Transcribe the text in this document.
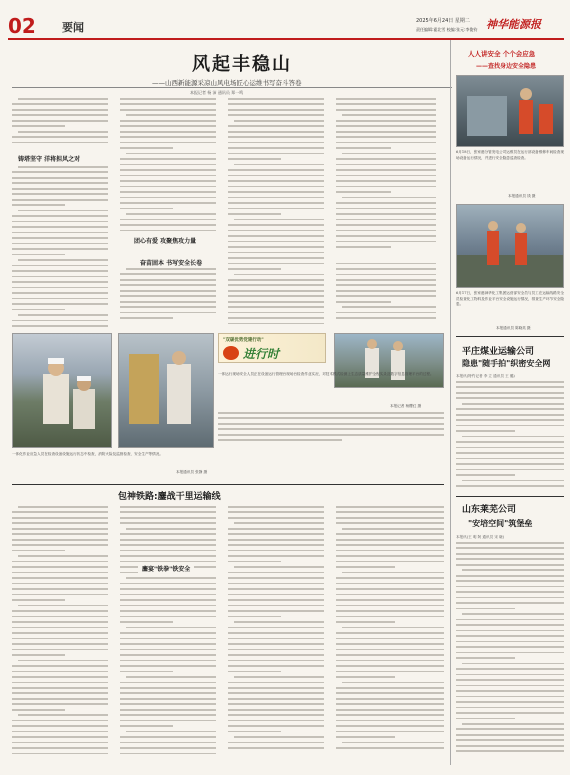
02 要闻	2025年6月24日 星期二
责任编辑:霍北雪 校编:张元:李俊钧 神华能源报
风起丰稳山
——山西新能源采凉山风电场匠心运维书写奋斗答卷
本报记者 杨 沛 通讯员 郑一鸣
铸塔坚守 洋将担风之对
奋苗固本 书写安全长卷
团心有爱 攻聚焦攻力量
"双碳优势党建行动"
进行时
一体运行现场安全人员正在设备运行管理台现场台检查作业实况，对技术模式检测上生态质量维护全程实录及数字信息管理平台的过程。
本报记者 杨樱红 摄
一体化作业应急人员在检查设备设施运行状态中检查，消防火险及监督检查、安全生产等情况。
本报通讯员 张静 摄
包神铁路:鏖战干里运输线
鏖宴"铁拳"铁安全
人人讲安全 个个会应急
——查找身边安全隐患
6月18日，张家港分管发电公司运维员在运行部设备维修车间检查现场设备运行情况，并进行安全隐患巡查检查。
本报通讯员 钱 摄
6月17日，张家港神华化工集团运营部安全员与员工在运输线路安全员检查化工物料及作业平台安全设施运行情况，排查生产环节安全隐患。
本报通讯员 陈晓英 摄
平庄煤业运输公司
隐患"随手拍"织密安全网
本报讯(特约记者 李 立 通讯员 王 璐)
山东莱芜公司
"安培空间"筑堡垒
本报讯(王 明 阿 通讯员 宋 晓)
